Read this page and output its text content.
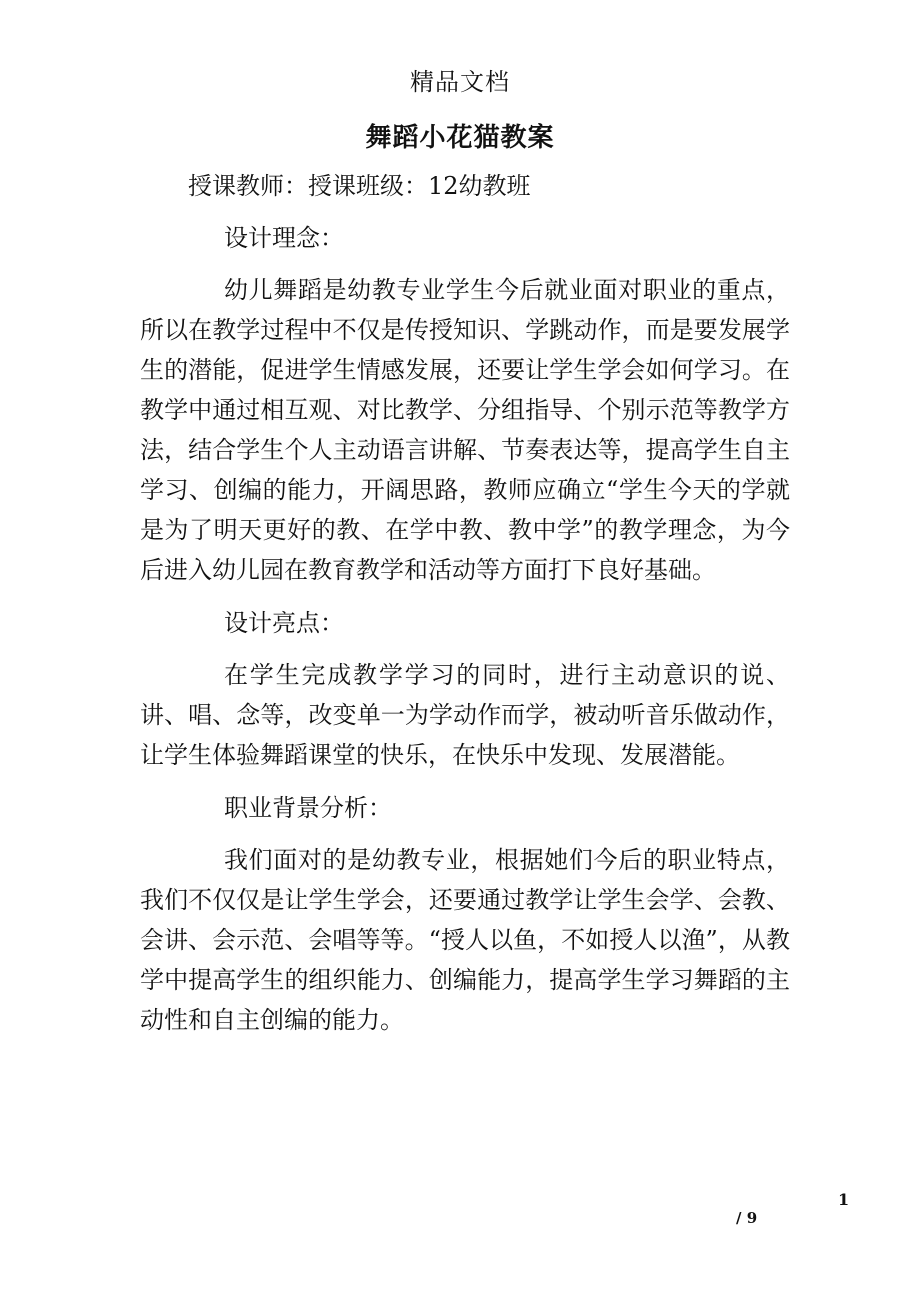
精品文档
舞蹈小花猫教案

授课教师：授课班级：12幼教班

设计理念：

幼儿舞蹈是幼教专业学生今后就业面对职业的重点，所以在教学过程中不仅是传授知识、学跳动作，而是要发展学生的潜能，促进学生情感发展，还要让学生学会如何学习。在教学中通过相互观、对比教学、分组指导、个别示范等教学方法，结合学生个人主动语言讲解、节奏表达等，提高学生自主学习、创编的能力，开阔思路，教师应确立“学生今天的学就是为了明天更好的教、在学中教、教中学”的教学理念，为今后进入幼儿园在教育教学和活动等方面打下良好基础。

设计亮点：

在学生完成教学学习的同时，进行主动意识的说、讲、唱、念等，改变单一为学动作而学，被动听音乐做动作，让学生体验舞蹈课堂的快乐，在快乐中发现、发展潜能。

职业背景分析：

我们面对的是幼教专业，根据她们今后的职业特点，我们不仅仅是让学生学会，还要通过教学让学生会学、会教、会讲、会示范、会唱等等。“授人以鱼，不如授人以渔”，从教学中提高学生的组织能力、创编能力，提高学生学习舞蹈的主动性和自主创编的能力。

1
/ 9
